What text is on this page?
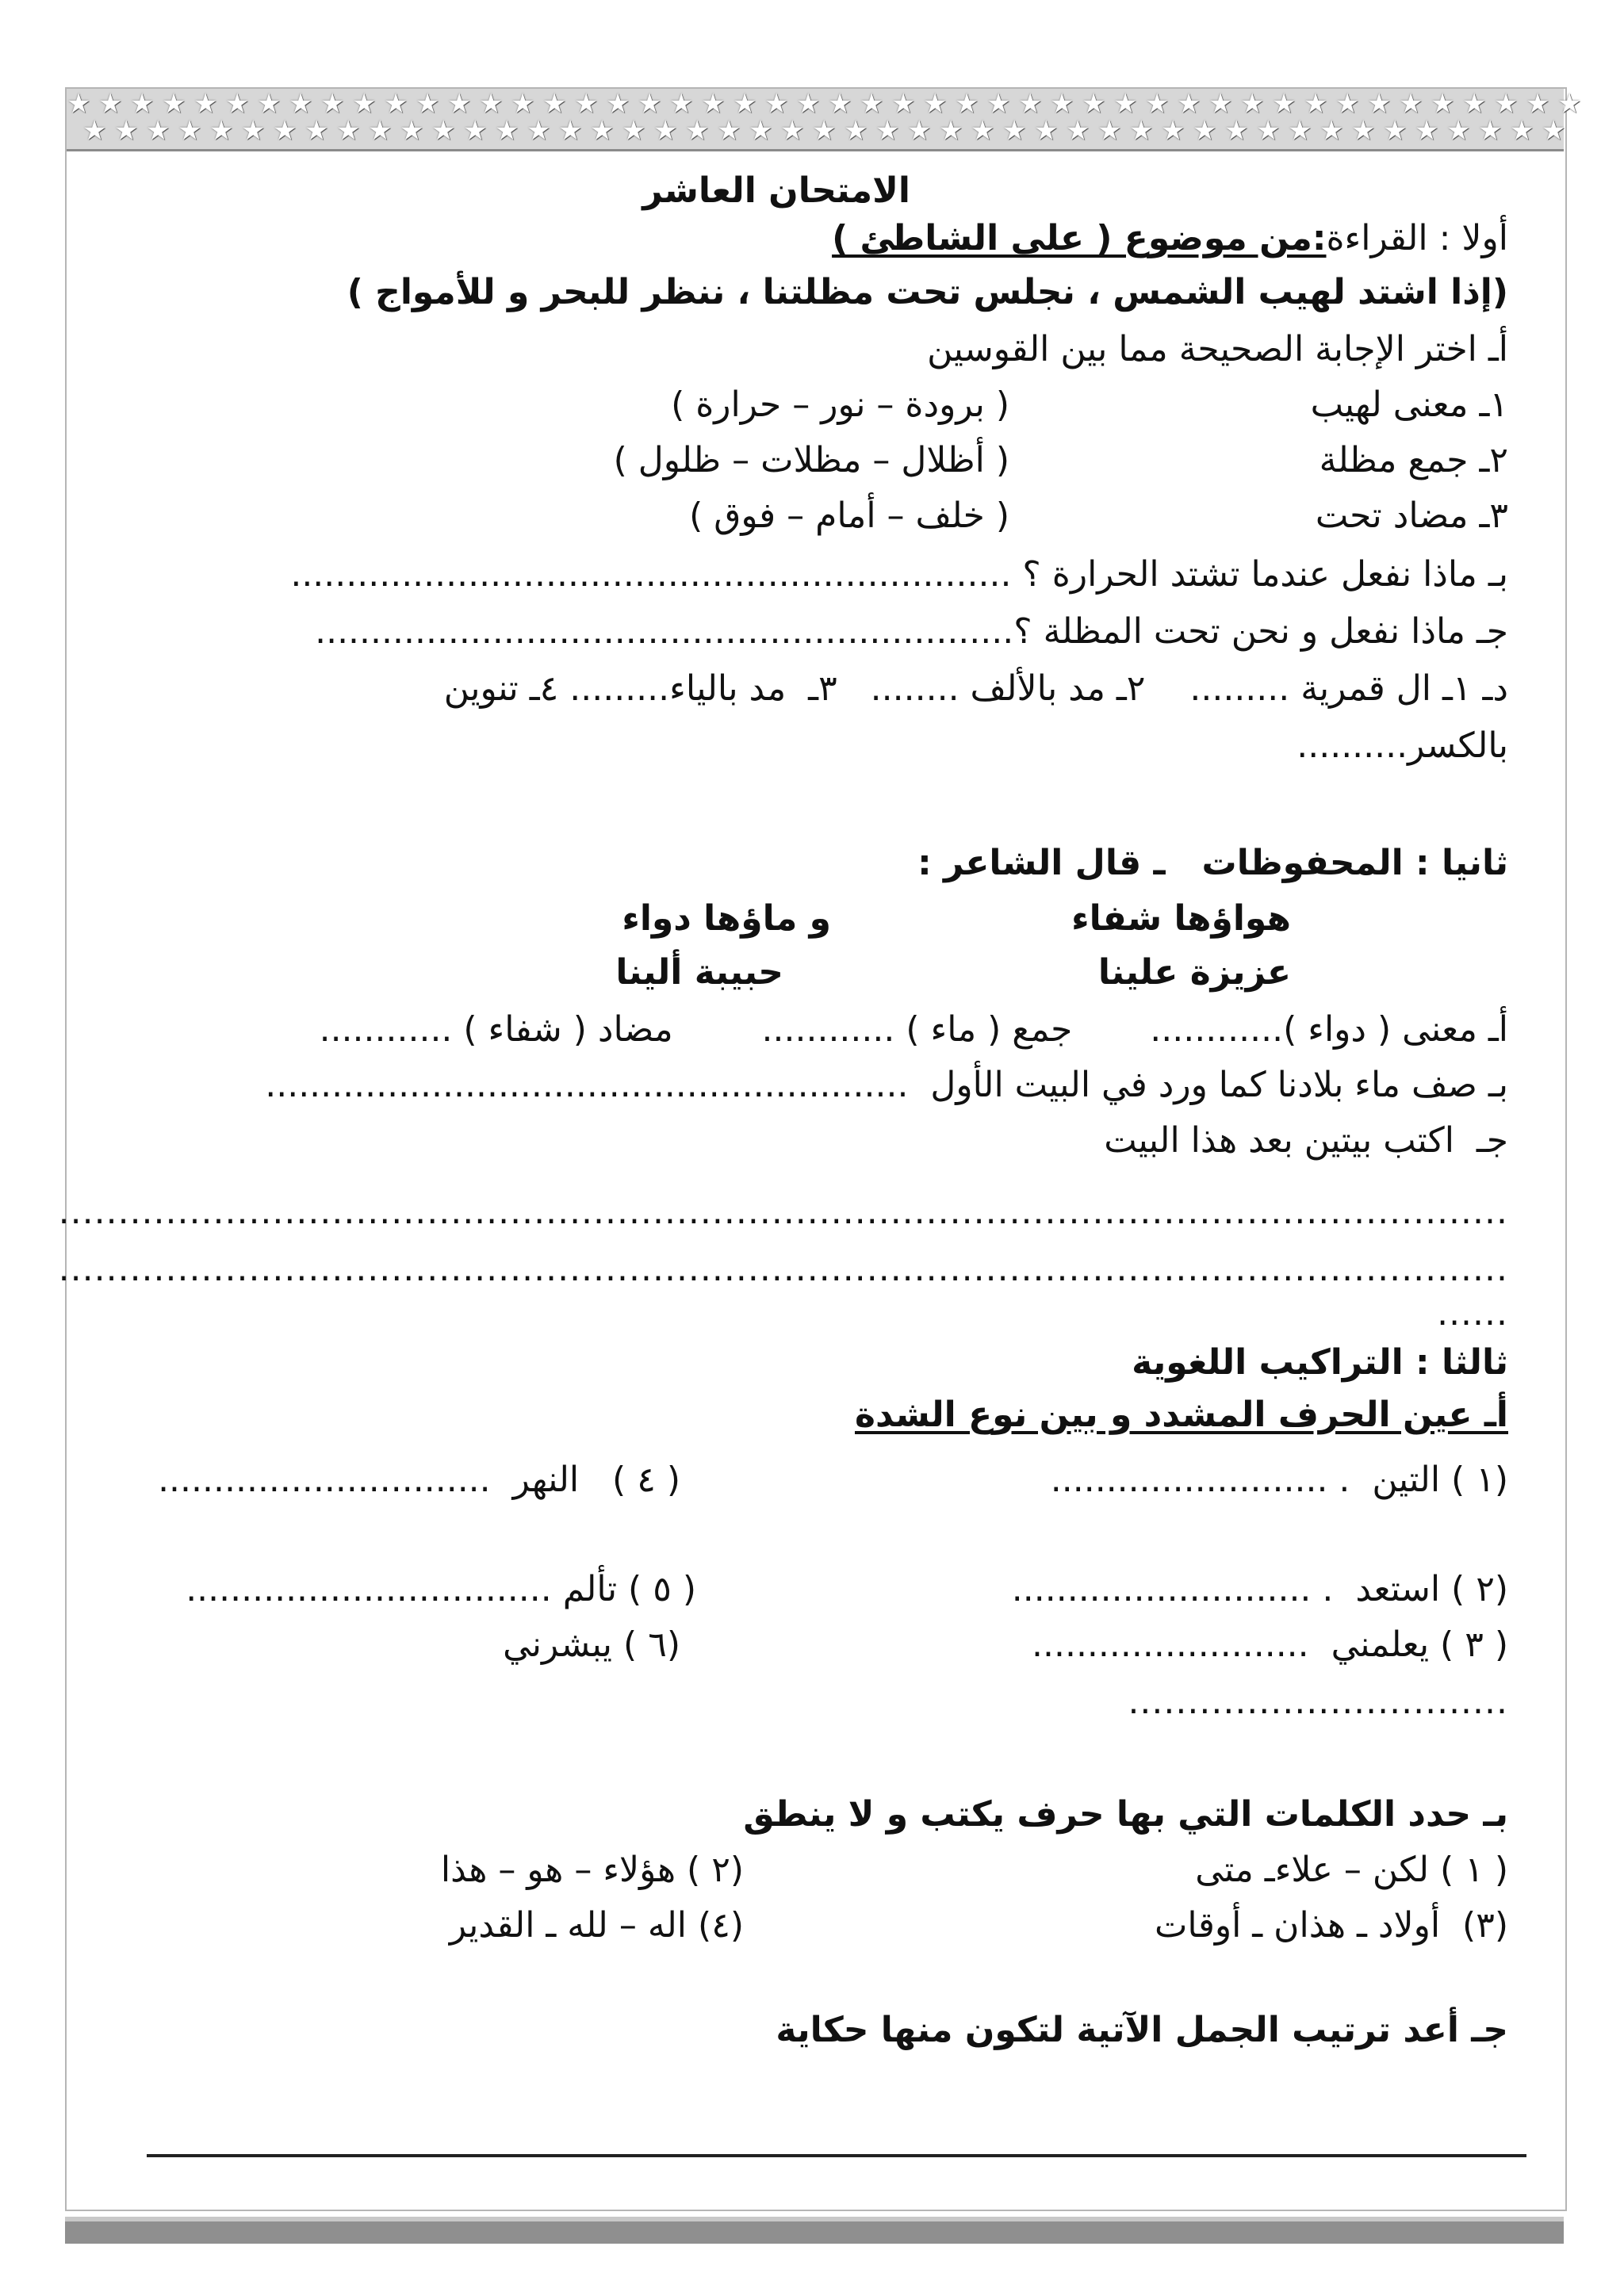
★ ★ ★ ★ ★ ★ ★ ★ ★ ★ ★ ★ ★ ★ ★ ★ ★ ★ ★ ★ ★ ★ ★ ★ ★ ★ ★ ★ ★ ★ ★ ★ ★ ★ ★ ★ ★ ★ ★ ★ ★ ★ ★ ★ ★ ★ ★ ★
★ ★ ★ ★ ★ ★ ★ ★ ★ ★ ★ ★ ★ ★ ★ ★ ★ ★ ★ ★ ★ ★ ★ ★ ★ ★ ★ ★ ★ ★ ★ ★ ★ ★ ★ ★ ★ ★ ★ ★ ★ ★ ★ ★ ★ ★ ★
الامتحان العاشر
أولا : القراءة:من موضوع ( على الشاطئ )
(إذا اشتد لهيب الشمس ، نجلس تحت مظلتنا ، ننظر للبحر و للأمواج )
أـ اختر الإجابة الصحيحة مما بين القوسين
١ـ معنى لهيب
( برودة – نور – حرارة )
٢ـ جمع مظلة
( أظلال – مظلات – ظلول )
٣ـ مضاد تحت
( خلف – أمام – فوق )
بـ ماذا نفعل عندما تشتد الحرارة ؟ .................................................................
جـ ماذا نفعل و نحن تحت المظلة ؟...............................................................
دـ ١ـ ال قمرية .........    ٢ـ مد بالألف ........   ٣ـ  مد بالياء......... ٤ـ تنوين
بالكسر..........
ثانيا : المحفوظات   ـ قال الشاعر :
هواؤها شفاء
و ماؤها دواء
عزيزة علينا
حبيبة ألينا
أـ معنى ( دواء )............       جمع ( ماء ) ............        مضاد ( شفاء ) ............
بـ صف ماء بلادنا كما ورد في البيت الأول  ..........................................................
جـ  اكتب بيتين بعد هذا البيت
..........................................................................................................................
..........................................................................................................................
......
ثالثا : التراكيب اللغوية
أـ عين الحرف المشدد و بين نوع الشدة
(١ ) التين  . .........................
( ٤ )   النهر  ..............................
(٢ ) استعد  . ...........................
( ٥ ) تألم .................................
( ٣ ) يعلمني  .........................
(٦ ) يبشرني
................................
بـ حدد الكلمات التي بها حرف يكتب و لا ينطق
( ١ ) لكن – علاءـ متى
(٢ ) هؤلاء – هو – هذا
(٣)  أولاد ـ هذان ـ أوقات
(٤) اله – لله ـ القدير
جـ أعد ترتيب الجمل الآتية لتكون منها حكاية
